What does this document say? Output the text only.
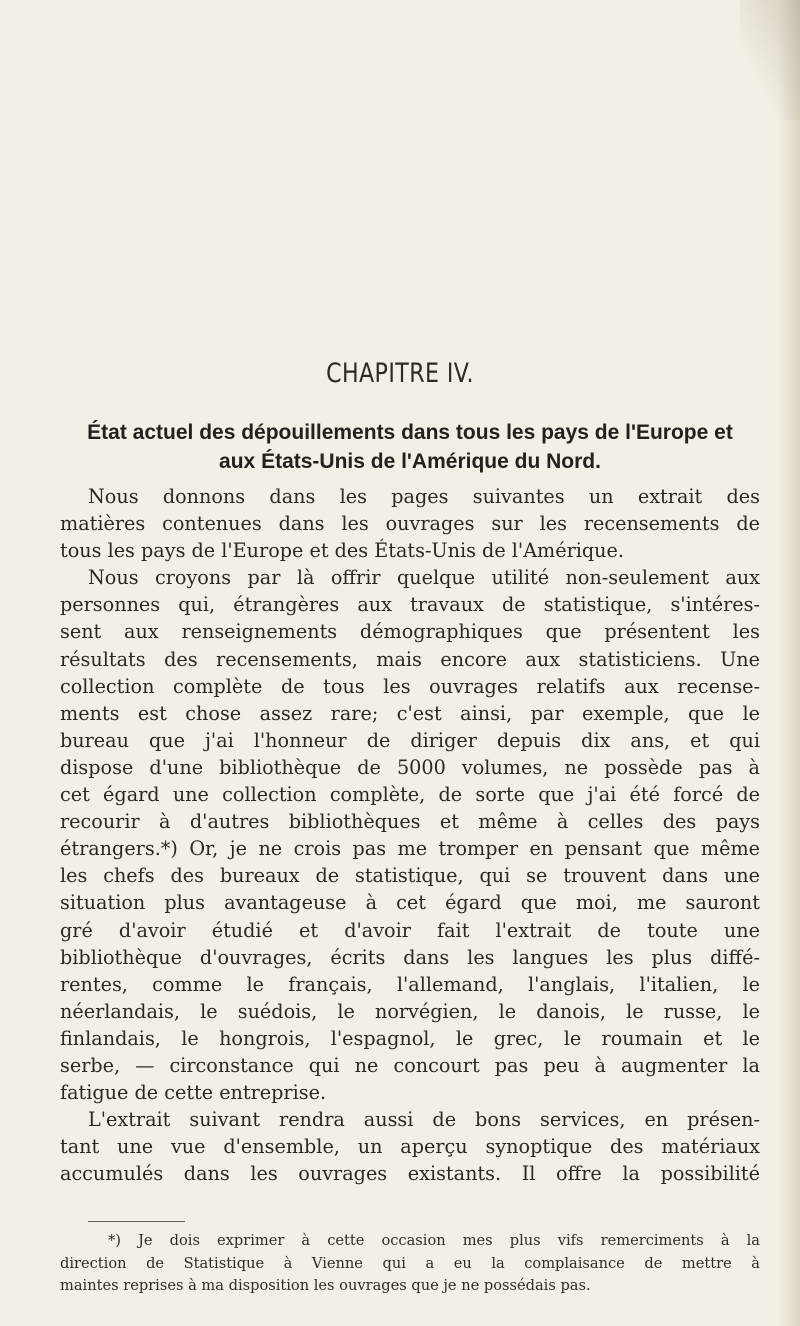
CHAPITRE IV.
État actuel des dépouillements dans tous les pays de l'Europe et
aux États-Unis de l'Amérique du Nord.
Nous donnons dans les pages suivantes un extrait des
matières contenues dans les ouvrages sur les recensements de
tous les pays de l'Europe et des États-Unis de l'Amérique.
Nous croyons par là offrir quelque utilité non-seulement aux
personnes qui, étrangères aux travaux de statistique, s'intéres-
sent aux renseignements démographiques que présentent les
résultats des recensements, mais encore aux statisticiens. Une
collection complète de tous les ouvrages relatifs aux recense-
ments est chose assez rare; c'est ainsi, par exemple, que le
bureau que j'ai l'honneur de diriger depuis dix ans, et qui
dispose d'une bibliothèque de 5000 volumes, ne possède pas à
cet égard une collection complète, de sorte que j'ai été forcé de
recourir à d'autres bibliothèques et même à celles des pays
étrangers.*) Or, je ne crois pas me tromper en pensant que même
les chefs des bureaux de statistique, qui se trouvent dans une
situation plus avantageuse à cet égard que moi, me sauront
gré d'avoir étudié et d'avoir fait l'extrait de toute une
bibliothèque d'ouvrages, écrits dans les langues les plus diffé-
rentes, comme le français, l'allemand, l'anglais, l'italien, le
néerlandais, le suédois, le norvégien, le danois, le russe, le
finlandais, le hongrois, l'espagnol, le grec, le roumain et le
serbe, — circonstance qui ne concourt pas peu à augmenter la
fatigue de cette entreprise.
L'extrait suivant rendra aussi de bons services, en présen-
tant une vue d'ensemble, un aperçu synoptique des matériaux
accumulés dans les ouvrages existants. Il offre la possibilité
*) Je dois exprimer à cette occasion mes plus vifs remerciments à la
direction de Statistique à Vienne qui a eu la complaisance de mettre à
maintes reprises à ma disposition les ouvrages que je ne possédais pas.
